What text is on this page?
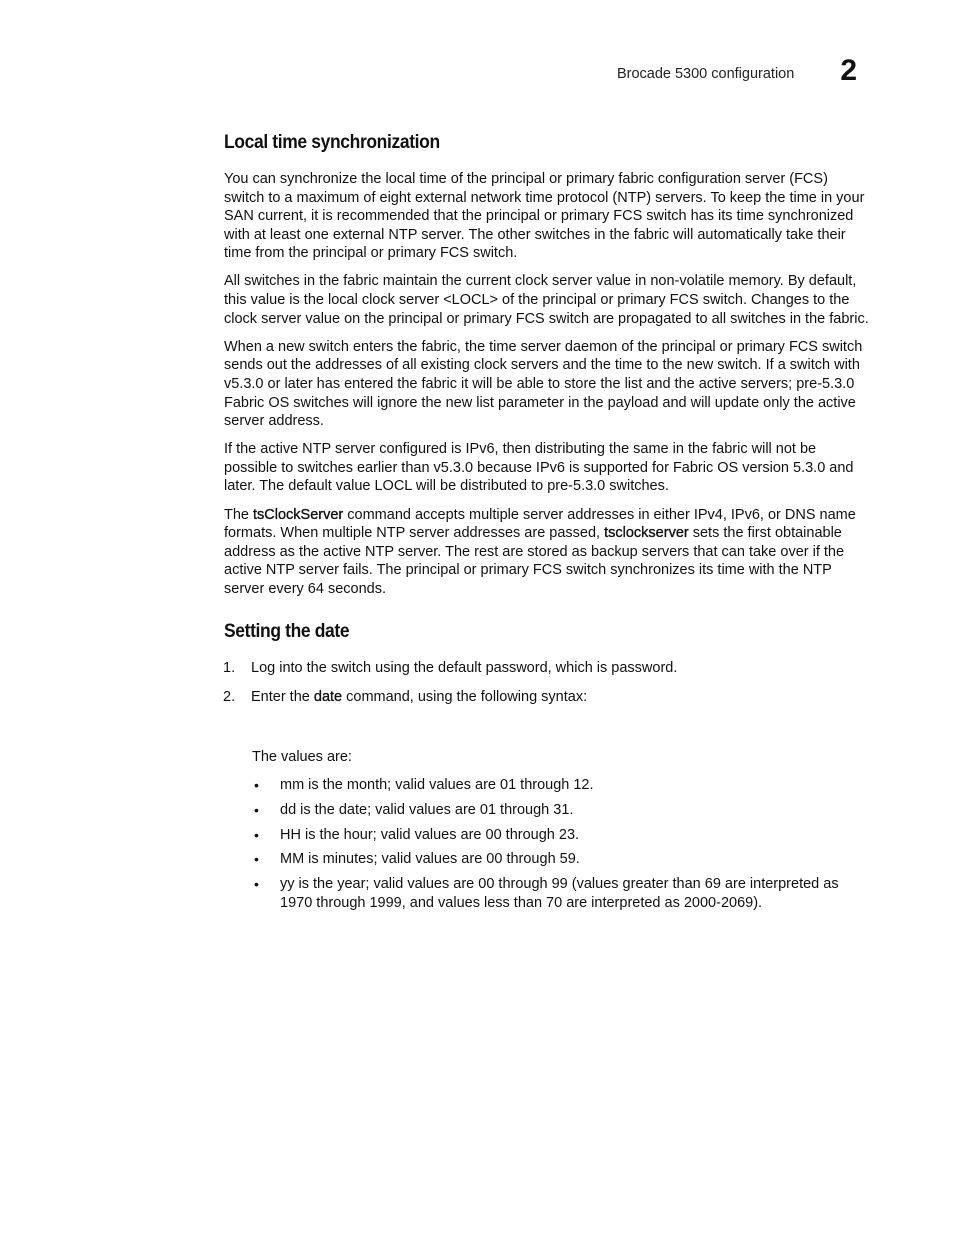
Brocade 5300 configuration 2
Local time synchronization

You can synchronize the local time of the principal or primary fabric configuration server (FCS) switch to a maximum of eight external network time protocol (NTP) servers. To keep the time in your SAN current, it is recommended that the principal or primary FCS switch has its time synchronized with at least one external NTP server. The other switches in the fabric will automatically take their time from the principal or primary FCS switch.

All switches in the fabric maintain the current clock server value in non-volatile memory. By default, this value is the local clock server <LOCL> of the principal or primary FCS switch. Changes to the clock server value on the principal or primary FCS switch are propagated to all switches in the fabric.

When a new switch enters the fabric, the time server daemon of the principal or primary FCS switch sends out the addresses of all existing clock servers and the time to the new switch. If a switch with v5.3.0 or later has entered the fabric it will be able to store the list and the active servers; pre-5.3.0 Fabric OS switches will ignore the new list parameter in the payload and will update only the active server address.

If the active NTP server configured is IPv6, then distributing the same in the fabric will not be possible to switches earlier than v5.3.0 because IPv6 is supported for Fabric OS version 5.3.0 and later. The default value LOCL will be distributed to pre-5.3.0 switches.

The tsClockServer command accepts multiple server addresses in either IPv4, IPv6, or DNS name formats. When multiple NTP server addresses are passed, tsclockserver sets the first obtainable address as the active NTP server. The rest are stored as backup servers that can take over if the active NTP server fails. The principal or primary FCS switch synchronizes its time with the NTP server every 64 seconds.

Setting the date
1.	Log into the switch using the default password, which is password.
2.	Enter the date command, using the following syntax:
The values are:
•	mm is the month; valid values are 01 through 12.
•	dd is the date; valid values are 01 through 31.
•	HH is the hour; valid values are 00 through 23.
•	MM is minutes; valid values are 00 through 59.
•	yy is the year; valid values are 00 through 99 (values greater than 69 are interpreted as 1970 through 1999, and values less than 70 are interpreted as 2000-2069).
